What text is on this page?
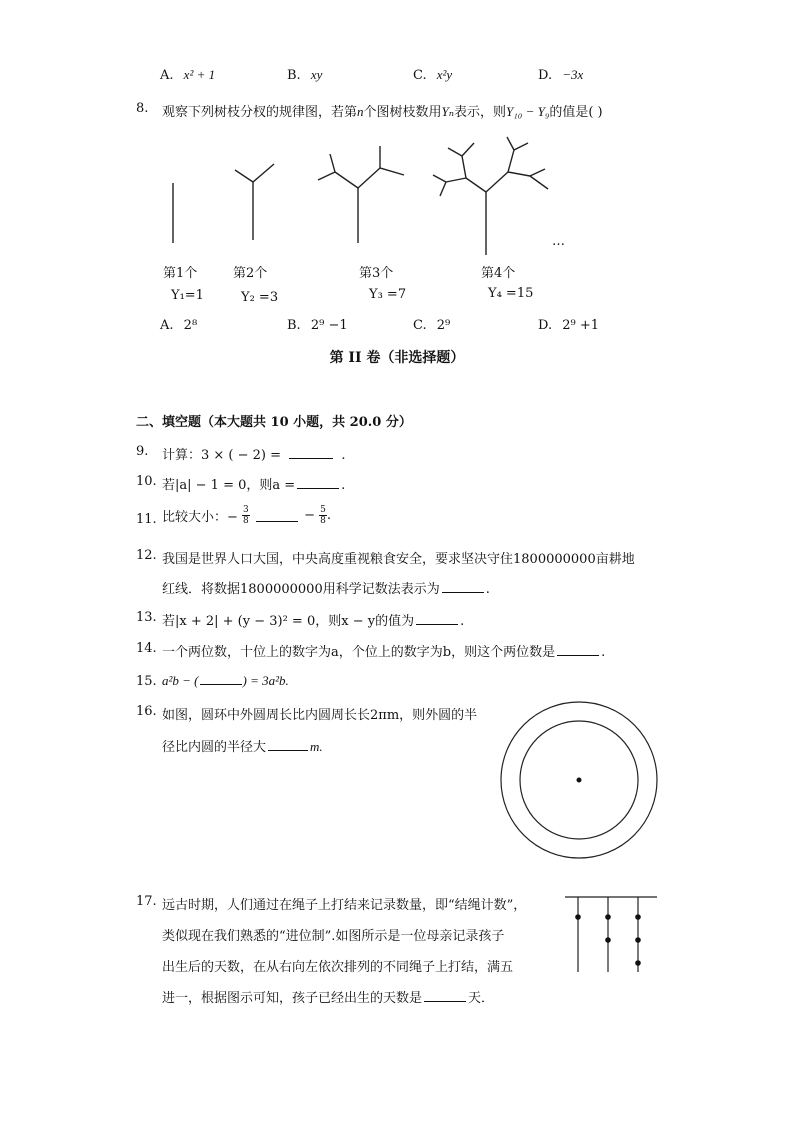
A. x² + 1	B. xy	C. x²y	D. −3x
8. 观察下列树枝分杈的规律图，若第n个图树枝数用Yₙ表示，则Y₁₀ − Y₉的值是( )
…
第1个	第2个	第3个	第4个
Y₁=1	Y₂ =3	Y₃ =7	Y₄ =15
A. 2⁸	B. 2⁹ −1	C. 2⁹	D. 2⁹ +1
第 II 卷（非选择题）
二、填空题（本大题共 10 小题，共 20.0 分）
9. 计算：3 × ( − 2) =	.
10. 若|a| − 1 = 0，则a =	.
11. 比较大小：− $\frac{3}{8}$	− $\frac{5}{8}$ .
12. 我国是世界人口大国，中央高度重视粮食安全，要求坚决守住1800000000亩耕地
红线．将数据1800000000用科学记数法表示为	.
13. 若|x + 2| + (y − 3)² = 0，则x − y的值为	.
14. 一个两位数，十位上的数字为a，个位上的数字为b，则这个两位数是	.
15. a²b − (	) = 3a²b.
16. 如图，圆环中外圆周长比内圆周长长2πm，则外圆的半
径比内圆的半径大	m.
17. 远古时期，人们通过在绳子上打结来记录数量，即“结绳计数”，
类似现在我们熟悉的“进位制”.如图所示是一位母亲记录孩子
出生后的天数，在从右向左依次排列的不同绳子上打结，满五
进一，根据图示可知，孩子已经出生的天数是	天．
